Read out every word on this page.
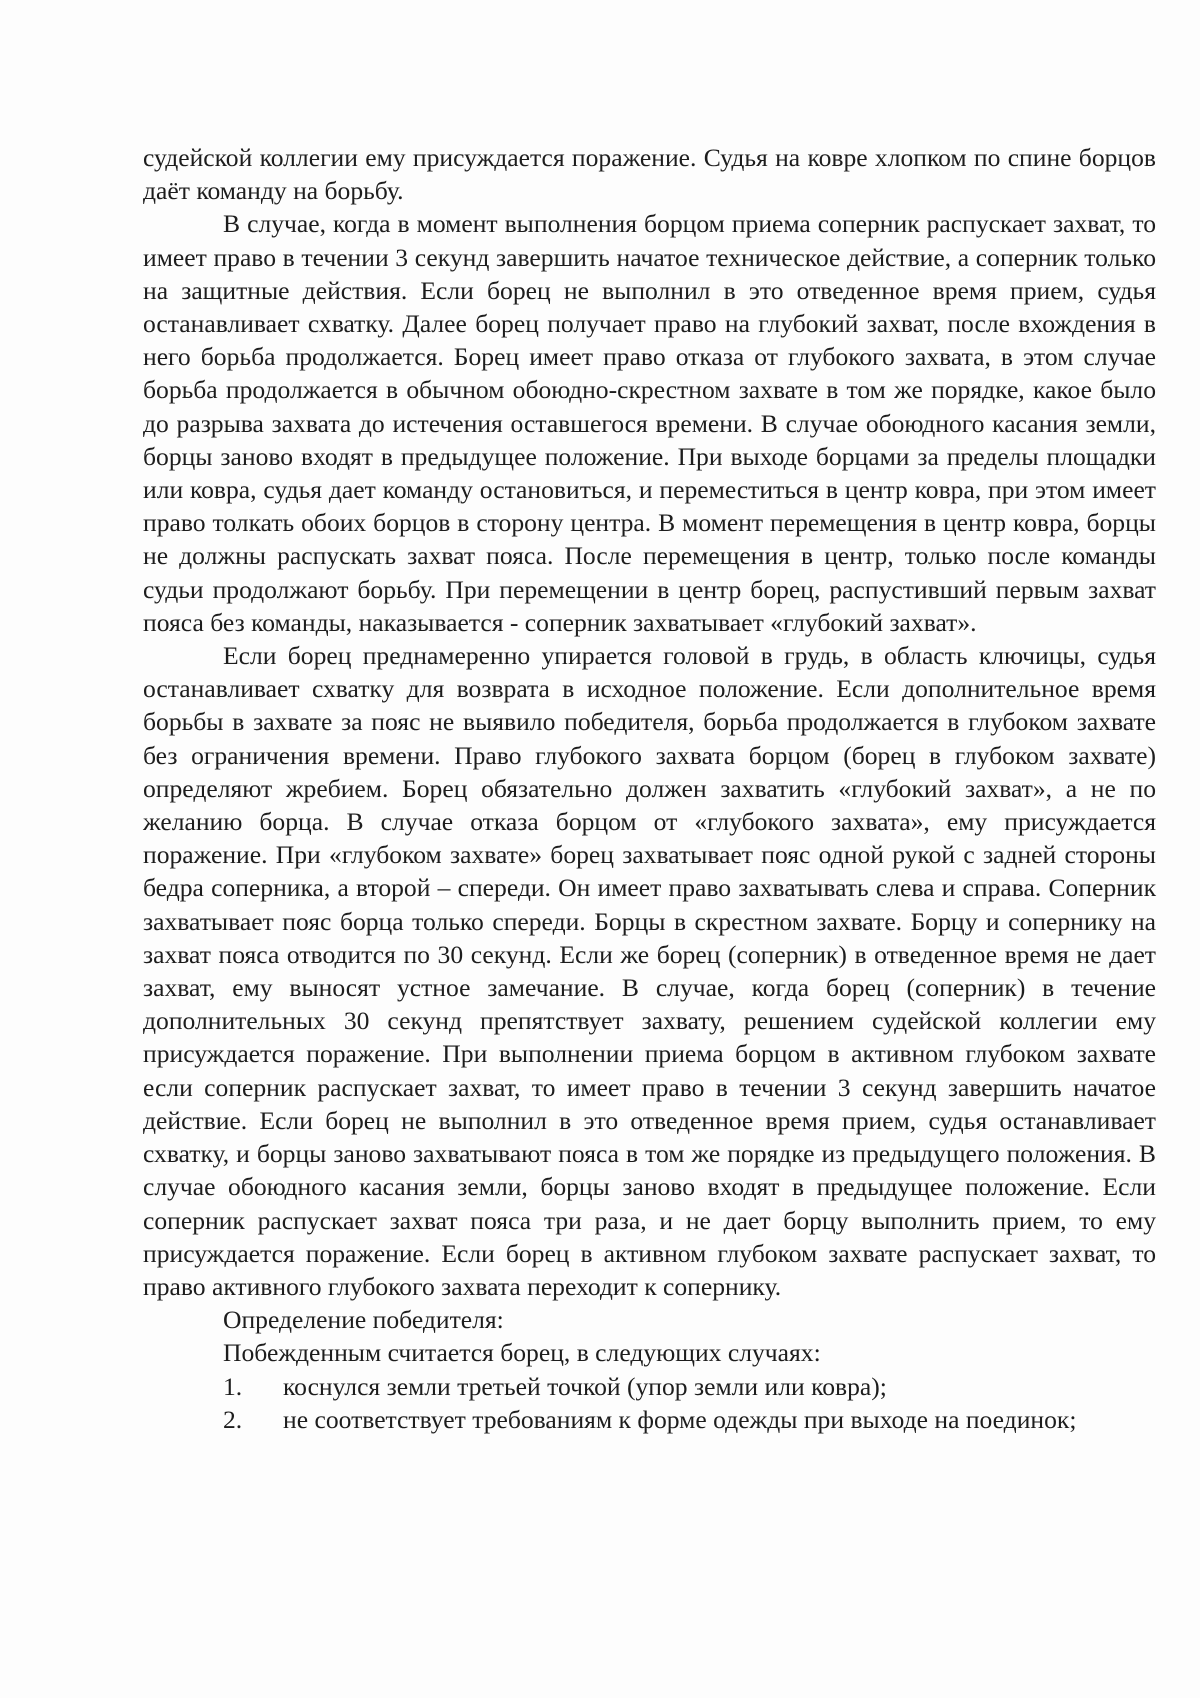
судейской коллегии ему присуждается поражение. Судья на ковре хлопком по спине борцов даёт команду на борьбу.

В случае, когда в момент выполнения борцом приема соперник распускает захват, то имеет право в течении 3 секунд завершить начатое техническое действие, а соперник только на защитные действия. Если борец не выполнил в это отведенное время прием, судья останавливает схватку. Далее борец получает право на глубокий захват, после вхождения в него борьба продолжается. Борец имеет право отказа от глубокого захвата, в этом случае борьба продолжается в обычном обоюдно-скрестном захвате в том же порядке, какое было до разрыва захвата до истечения оставшегося времени. В случае обоюдного касания земли, борцы заново входят в предыдущее положение. При выходе борцами за пределы площадки или ковра, судья дает команду остановиться, и переместиться в центр ковра, при этом имеет право толкать обоих борцов в сторону центра. В момент перемещения в центр ковра, борцы не должны распускать захват пояса. После перемещения в центр, только после команды судьи продолжают борьбу. При перемещении в центр борец, распустивший первым захват пояса без команды, наказывается - соперник захватывает «глубокий захват».

Если борец преднамеренно упирается головой в грудь, в область ключицы, судья останавливает схватку для возврата в исходное положение. Если дополнительное время борьбы в захвате за пояс не выявило победителя, борьба продолжается в глубоком захвате без ограничения времени. Право глубокого захвата борцом (борец в глубоком захвате) определяют жребием. Борец обязательно должен захватить «глубокий захват», а не по желанию борца. В случае отказа борцом от «глубокого захвата», ему присуждается поражение. При «глубоком захвате» борец захватывает пояс одной рукой с задней стороны бедра соперника, а второй – спереди. Он имеет право захватывать слева и справа. Соперник захватывает пояс борца только спереди. Борцы в скрестном захвате. Борцу и сопернику на захват пояса отводится по 30 секунд. Если же борец (соперник) в отведенное время не дает захват, ему выносят устное замечание. В случае, когда борец (соперник) в течение дополнительных 30 секунд препятствует захвату, решением судейской коллегии ему присуждается поражение. При выполнении приема борцом в активном глубоком захвате если соперник распускает захват, то имеет право в течении 3 секунд завершить начатое действие. Если борец не выполнил в это отведенное время прием, судья останавливает схватку, и борцы заново захватывают пояса в том же порядке из предыдущего положения. В случае обоюдного касания земли, борцы заново входят в предыдущее положение. Если соперник распускает захват пояса три раза, и не дает борцу выполнить прием, то ему присуждается поражение. Если борец в активном глубоком захвате распускает захват, то право активного глубокого захвата переходит к сопернику.

Определение победителя:

Побежденным считается борец, в следующих случаях:

1.	коснулся земли третьей точкой (упор земли или ковра);
2.	не соответствует требованиям к форме одежды при выходе на поединок;
